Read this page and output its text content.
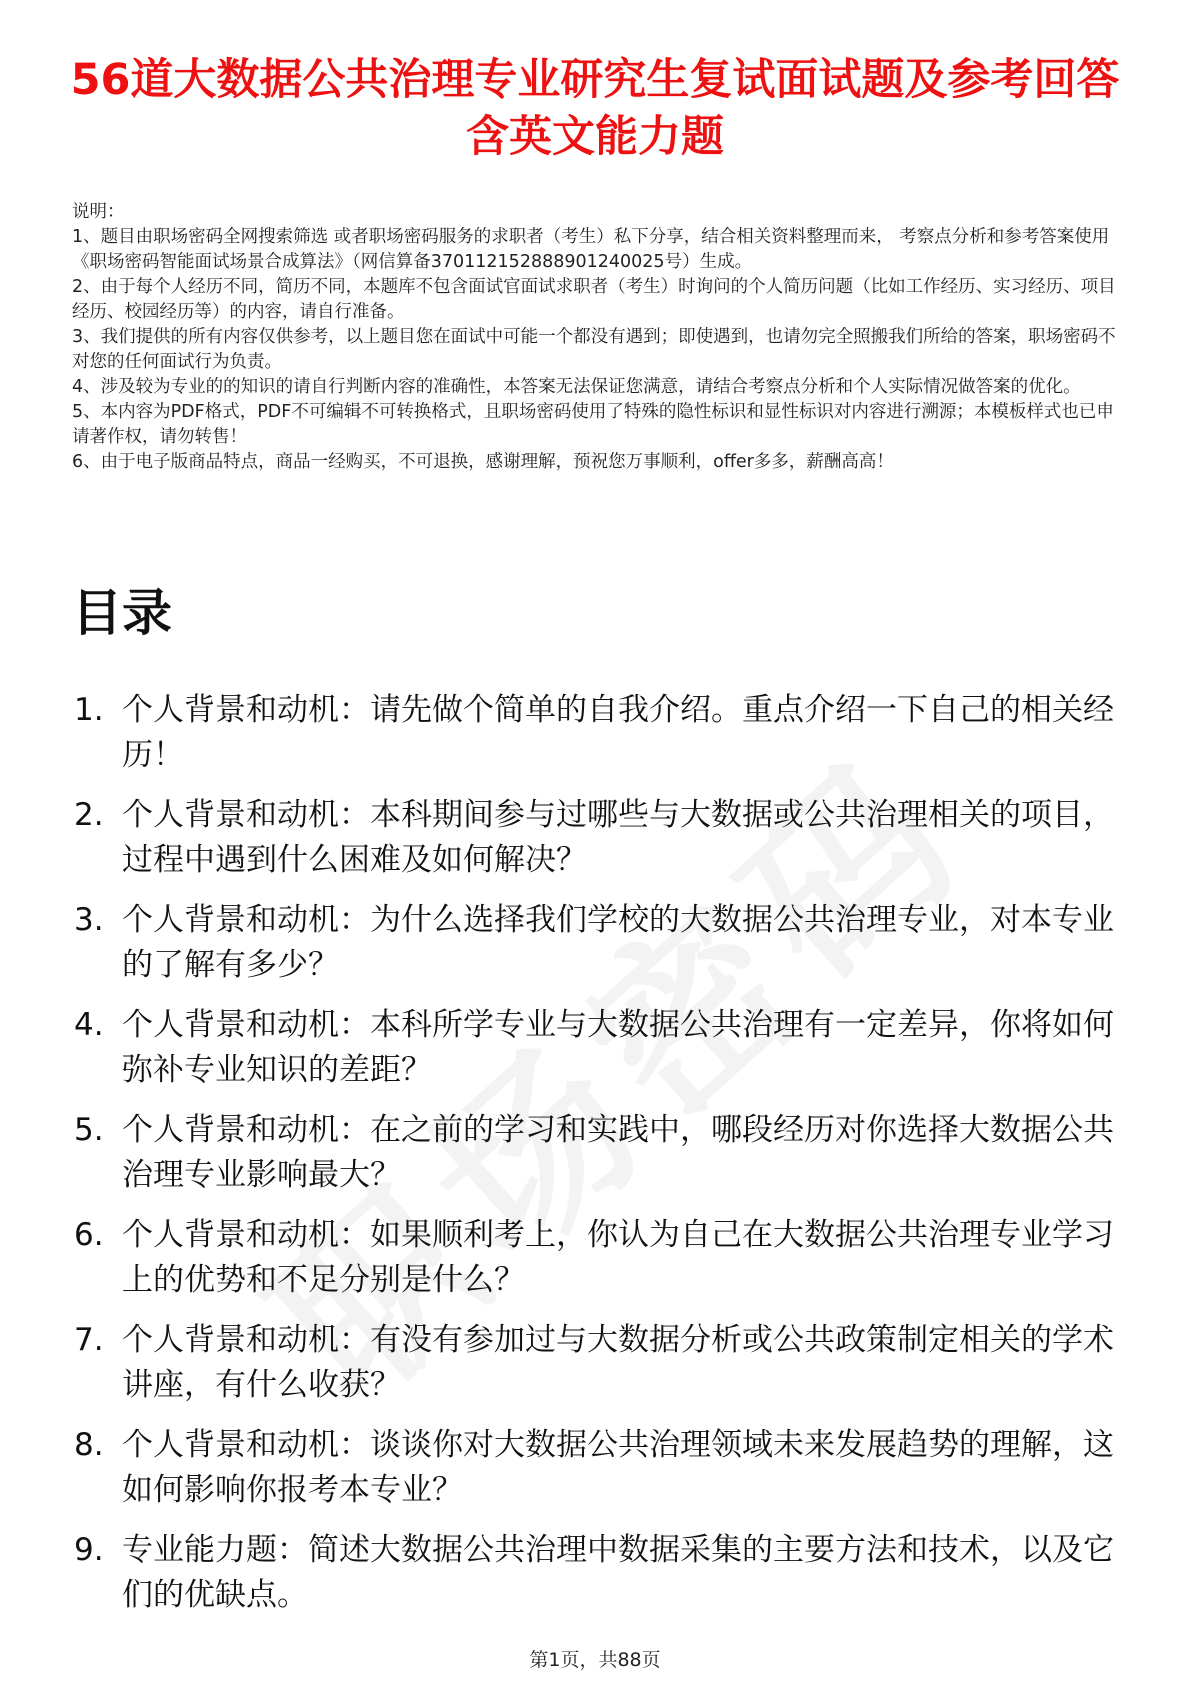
56道大数据公共治理专业研究生复试面试题及参考回答含英文能力题
说明：
1、题目由职场密码全网搜索筛选 或者职场密码服务的求职者（考生）私下分享，结合相关资料整理而来， 考察点分析和参考答案使用《职场密码智能面试场景合成算法》（网信算备370112152888901240025号）生成。
2、由于每个人经历不同，简历不同，本题库不包含面试官面试求职者（考生）时询问的个人简历问题（比如工作经历、实习经历、项目经历、校园经历等）的内容，请自行准备。
3、我们提供的所有内容仅供参考，以上题目您在面试中可能一个都没有遇到；即使遇到，也请勿完全照搬我们所给的答案，职场密码不对您的任何面试行为负责。
4、涉及较为专业的的知识的请自行判断内容的准确性，本答案无法保证您满意，请结合考察点分析和个人实际情况做答案的优化。
5、本内容为PDF格式，PDF不可编辑不可转换格式，且职场密码使用了特殊的隐性标识和显性标识对内容进行溯源；本模板样式也已申请著作权，请勿转售！
6、由于电子版商品特点，商品一经购买，不可退换，感谢理解，预祝您万事顺利，offer多多，薪酬高高！
目录
1. 个人背景和动机：请先做个简单的自我介绍。重点介绍一下自己的相关经历！
2. 个人背景和动机：本科期间参与过哪些与大数据或公共治理相关的项目，过程中遇到什么困难及如何解决？
3. 个人背景和动机：为什么选择我们学校的大数据公共治理专业，对本专业的了解有多少？
4. 个人背景和动机：本科所学专业与大数据公共治理有一定差异，你将如何弥补专业知识的差距？
5. 个人背景和动机：在之前的学习和实践中，哪段经历对你选择大数据公共治理专业影响最大？
6. 个人背景和动机：如果顺利考上，你认为自己在大数据公共治理专业学习上的优势和不足分别是什么？
7. 个人背景和动机：有没有参加过与大数据分析或公共政策制定相关的学术讲座，有什么收获？
8. 个人背景和动机：谈谈你对大数据公共治理领域未来发展趋势的理解，这如何影响你报考本专业？
9. 专业能力题：简述大数据公共治理中数据采集的主要方法和技术，以及它们的优缺点。
第1页，共88页
